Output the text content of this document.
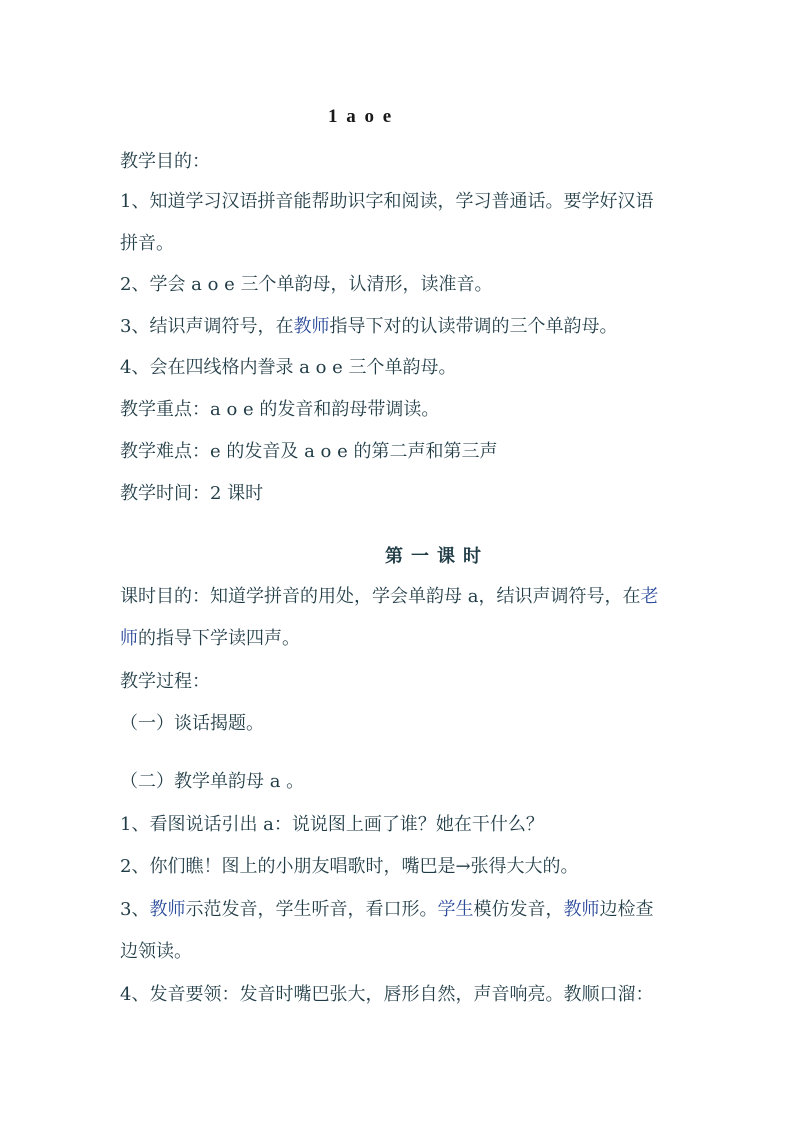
1 a o e
教学目的：
1、知道学习汉语拼音能帮助识字和阅读，学习普通话。要学好汉语
拼音。
2、学会 a o e 三个单韵母，认清形，读准音。
3、结识声调符号，在教师指导下对的认读带调的三个单韵母。
4、会在四线格内誊录 a o e 三个单韵母。
教学重点：a o e 的发音和韵母带调读。
教学难点：e 的发音及 a o e 的第二声和第三声
教学时间：2 课时
第一课时
课时目的：知道学拼音的用处，学会单韵母 a，结识声调符号，在老
师的指导下学读四声。
教学过程：
（一）谈话揭题。
（二）教学单韵母 a 。
1、看图说话引出 a：说说图上画了谁？她在干什么？
2、你们瞧！图上的小朋友唱歌时，嘴巴是→张得大大的。
3、教师示范发音，学生听音，看口形。学生模仿发音，教师边检查
边领读。
4、发音要领：发音时嘴巴张大，唇形自然，声音响亮。教顺口溜：
